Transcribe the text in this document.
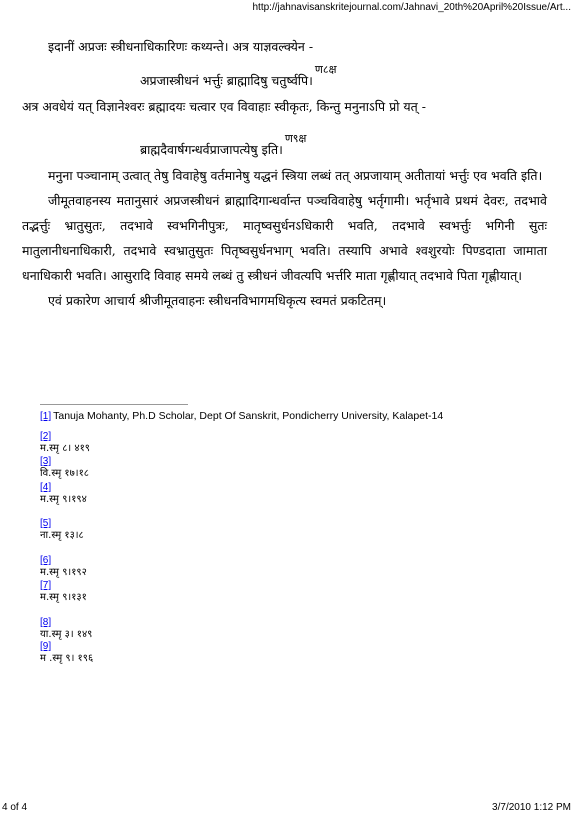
http://jahnavisanskritejournal.com/Jahnavi_20th%20April%20Issue/Art...

इदानीं अप्रजः स्त्रीधनाधिकारिणः कथ्यन्ते। अत्र याज्ञवल्क्येन -

अप्रजास्त्रीधनं भर्त्तुः ब्राह्मादिषु चतुर्ष्वपि।ण८क्ष

अत्र अवधेयं यत् विज्ञानेश्वरः ब्रह्मादयः चत्वार एव विवाहाः स्वीकृतः, किन्तु मनुनाऽपि प्रो यत् -

ब्राह्मदैवार्षगन्धर्वप्राजापत्येषु इति।ण९क्ष

मनुना पञ्चानाम् उत्वात् तेषु विवाहेषु वर्तमानेषु यद्धनं स्त्रिया लब्धं तत् अप्रजायाम् अतीतायां भर्त्तुः एव भवति इति।

जीमूतवाहनस्य मतानुसारं अप्रजस्त्रीधनं ब्राह्मादिगान्धर्वान्त पञ्चविवाहेषु भर्तृगामी। भर्तृभावे प्रथमं देवरः, तदभावे तद्भर्त्तुः भ्रातुसुतः, तदभावे स्वभगिनीपुत्रः, मातृष्वसुर्धनऽधिकारी भवति, तदभावे स्वभर्त्तुः भगिनी सुतः मातुलानीधनाधिकारी, तदभावे स्वभ्रातुसुतः पितृष्वसुर्धनभाग् भवति। तस्यापि अभावे श्वशुरयोः पिण्डदाता जामाता धनाधिकारी भवति। आसुरादि विवाह समये लब्धं तु स्त्रीधनं जीवत्यपि भर्त्तरि माता गृह्णीयात् तदभावे पिता गृह्णीयात्।

एवं प्रकारेण आचार्य श्रीजीमूतवाहनः स्त्रीधनविभागमधिकृत्य स्वमतं प्रकटितम्।

[1] Tanuja Mohanty, Ph.D Scholar, Dept Of Sanskrit, Pondicherry University, Kalapet-14
[2]
म.स्मृ ८। ४१९
[3]
वि.स्मृ १७।१८
[4]
म.स्मृ ९।१९४
[5]
ना.स्मृ १३।८
[6]
म.स्मृ ९।१९२
[7]
म.स्मृ ९।१३१
[8]
या.स्मृ ३। १४९
[9]
म .स्मृ ९। १९६
4 of 4	3/7/2010 1:12 PM
